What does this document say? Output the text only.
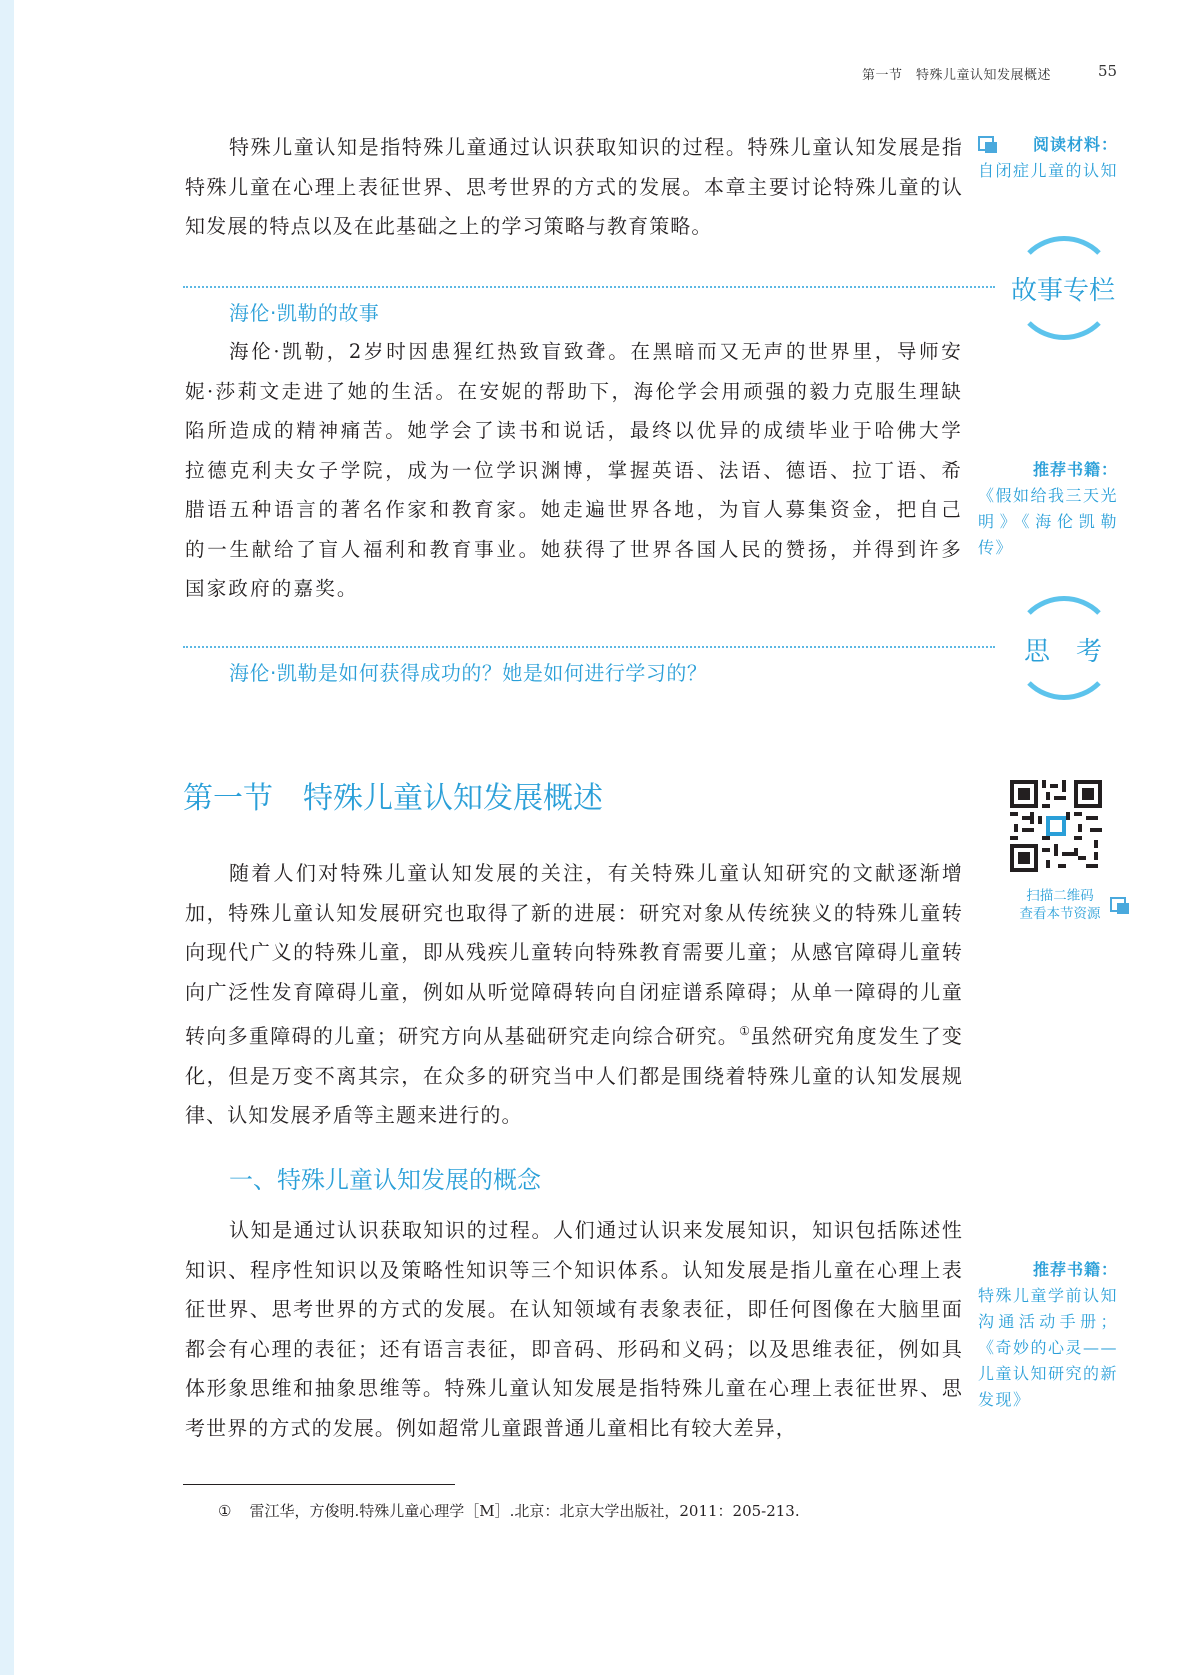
第一节　特殊儿童认知发展概述	55

特殊儿童认知是指特殊儿童通过认识获取知识的过程。特殊儿童认知发展是指特殊儿童在心理上表征世界、思考世界的方式的发展。本章主要讨论特殊儿童的认知发展的特点以及在此基础之上的学习策略与教育策略。

阅读材料：
自闭症儿童的认知
故事专栏
海伦·凯勒的故事

海伦·凯勒，2岁时因患猩红热致盲致聋。在黑暗而又无声的世界里，导师安妮·莎莉文走进了她的生活。在安妮的帮助下，海伦学会用顽强的毅力克服生理缺陷所造成的精神痛苦。她学会了读书和说话，最终以优异的成绩毕业于哈佛大学拉德克利夫女子学院，成为一位学识渊博，掌握英语、法语、德语、拉丁语、希腊语五种语言的著名作家和教育家。她走遍世界各地，为盲人募集资金，把自己的一生献给了盲人福利和教育事业。她获得了世界各国人民的赞扬，并得到许多国家政府的嘉奖。

推荐书籍：
《假如给我三天光明》《海伦凯勒传》
思　考
海伦·凯勒是如何获得成功的？她是如何进行学习的？
第一节 特殊儿童认知发展概述
扫描二维码
查看本节资源

随着人们对特殊儿童认知发展的关注，有关特殊儿童认知研究的文献逐渐增加，特殊儿童认知发展研究也取得了新的进展：研究对象从传统狭义的特殊儿童转向现代广义的特殊儿童，即从残疾儿童转向特殊教育需要儿童；从感官障碍儿童转向广泛性发育障碍儿童，例如从听觉障碍转向自闭症谱系障碍；从单一障碍的儿童转向多重障碍的儿童；研究方向从基础研究走向综合研究。①虽然研究角度发生了变化，但是万变不离其宗，在众多的研究当中人们都是围绕着特殊儿童的认知发展规律、认知发展矛盾等主题来进行的。

一、特殊儿童认知发展的概念

认知是通过认识获取知识的过程。人们通过认识来发展知识，知识包括陈述性知识、程序性知识以及策略性知识等三个知识体系。认知发展是指儿童在心理上表征世界、思考世界的方式的发展。在认知领域有表象表征，即任何图像在大脑里面都会有心理的表征；还有语言表征，即音码、形码和义码；以及思维表征，例如具体形象思维和抽象思维等。特殊儿童认知发展是指特殊儿童在心理上表征世界、思考世界的方式的发展。例如超常儿童跟普通儿童相比有较大差异，

推荐书籍：
特殊儿童学前认知沟通活动手册；《奇妙的心灵——儿童认知研究的新发现》
① 雷江华，方俊明.特殊儿童心理学［M］.北京：北京大学出版社，2011：205-213.
